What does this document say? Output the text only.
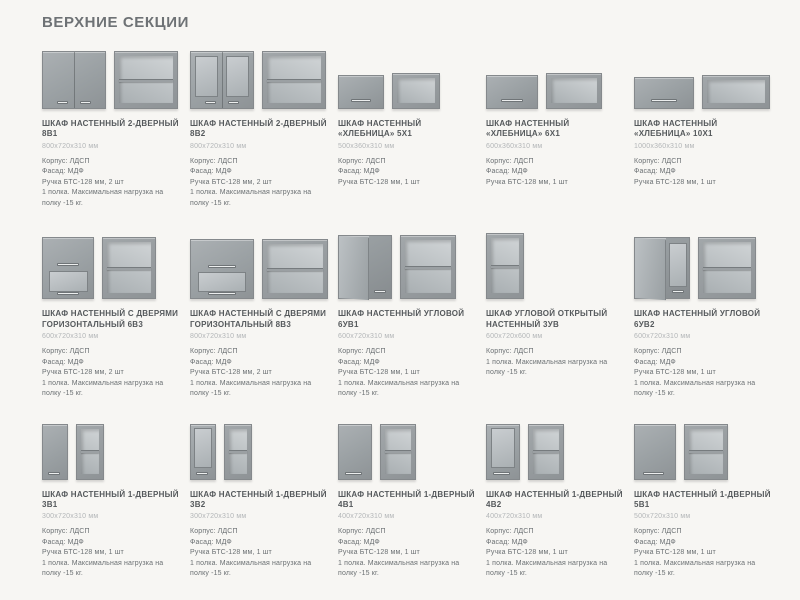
ВЕРХНИЕ СЕКЦИИ
ШКАФ НАСТЕННЫЙ 2-ДВЕРНЫЙ 8В1
800х720х310 мм
Корпус: ЛДСП
Фасад: МДФ
Ручка БТС-128 мм, 2 шт
1 полка. Максимальная нагрузка на полку -15 кг.
ШКАФ НАСТЕННЫЙ 2-ДВЕРНЫЙ 8В2
800х720х310 мм
Корпус: ЛДСП
Фасад: МДФ
Ручка БТС-128 мм, 2 шт
1 полка. Максимальная нагрузка на полку -15 кг.
ШКАФ НАСТЕННЫЙ «ХЛЕБНИЦА» 5Х1
500х360х310 мм
Корпус: ЛДСП
Фасад: МДФ
Ручка БТС-128 мм, 1 шт
ШКАФ НАСТЕННЫЙ «ХЛЕБНИЦА» 6Х1
600х360х310 мм
Корпус: ЛДСП
Фасад: МДФ
Ручка БТС-128 мм, 1 шт
ШКАФ НАСТЕННЫЙ «ХЛЕБНИЦА» 10Х1
1000х360х310 мм
Корпус: ЛДСП
Фасад: МДФ
Ручка БТС-128 мм, 1 шт
ШКАФ НАСТЕННЫЙ С ДВЕРЯМИ ГОРИЗОНТАЛЬНЫЙ 6В3
600х720х310 мм
Корпус: ЛДСП
Фасад: МДФ
Ручка БТС-128 мм, 2 шт
1 полка. Максимальная нагрузка на полку -15 кг.
ШКАФ НАСТЕННЫЙ С ДВЕРЯМИ ГОРИЗОНТАЛЬНЫЙ 8В3
800х720х310 мм
Корпус: ЛДСП
Фасад: МДФ
Ручка БТС-128 мм, 2 шт
1 полка. Максимальная нагрузка на полку -15 кг.
ШКАФ НАСТЕННЫЙ УГЛОВОЙ 6УВ1
600х720х310 мм
Корпус: ЛДСП
Фасад: МДФ
Ручка БТС-128 мм, 1 шт
1 полка. Максимальная нагрузка на полку -15 кг.
ШКАФ УГЛОВОЙ ОТКРЫТЫЙ НАСТЕННЫЙ 3УВ
600х720х600 мм
Корпус: ЛДСП
1 полка. Максимальная нагрузка на полку -15 кг.
ШКАФ НАСТЕННЫЙ УГЛОВОЙ 6УВ2
600х720х310 мм
Корпус: ЛДСП
Фасад: МДФ
Ручка БТС-128 мм, 1 шт
1 полка. Максимальная нагрузка на полку -15 кг.
ШКАФ НАСТЕННЫЙ 1-ДВЕРНЫЙ 3В1
300х720х310 мм
Корпус: ЛДСП
Фасад: МДФ
Ручка БТС-128 мм, 1 шт
1 полка. Максимальная нагрузка на полку -15 кг.
ШКАФ НАСТЕННЫЙ 1-ДВЕРНЫЙ 3В2
300х720х310 мм
Корпус: ЛДСП
Фасад: МДФ
Ручка БТС-128 мм, 1 шт
1 полка. Максимальная нагрузка на полку -15 кг.
ШКАФ НАСТЕННЫЙ 1-ДВЕРНЫЙ 4В1
400х720х310 мм
Корпус: ЛДСП
Фасад: МДФ
Ручка БТС-128 мм, 1 шт
1 полка. Максимальная нагрузка на полку -15 кг.
ШКАФ НАСТЕННЫЙ 1-ДВЕРНЫЙ 4В2
400х720х310 мм
Корпус: ЛДСП
Фасад: МДФ
Ручка БТС-128 мм, 1 шт
1 полка. Максимальная нагрузка на полку -15 кг.
ШКАФ НАСТЕННЫЙ 1-ДВЕРНЫЙ 5В1
500х720х310 мм
Корпус: ЛДСП
Фасад: МДФ
Ручка БТС-128 мм, 1 шт
1 полка. Максимальная нагрузка на полку -15 кг.
